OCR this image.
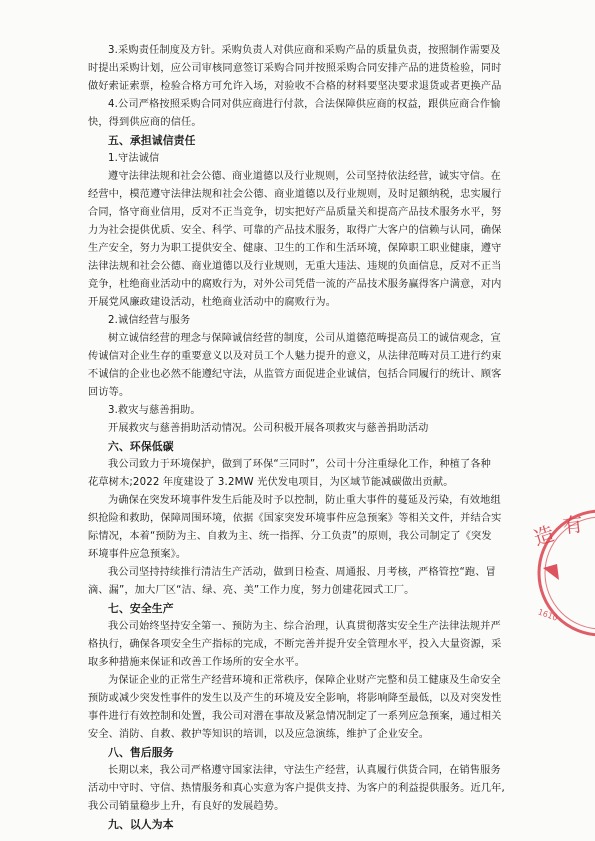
3.采购责任制度及方针。采购负责人对供应商和采购产品的质量负责，按照制作需要及
时提出采购计划，应公司审核同意签订采购合同并按照采购合同安排产品的进货检验，同时
做好索证索票，检验合格方可允许入场，对验收不合格的材料要坚决要求退货或者更换产品
4.公司严格按照采购合同对供应商进行付款，合法保障供应商的权益，跟供应商合作愉
快，得到供应商的信任。
五、承担诚信责任
1.守法诚信
遵守法律法规和社会公德、商业道德以及行业规则，公司坚持依法经营，诚实守信。在
经营中，模范遵守法律法规和社会公德、商业道德以及行业规则，及时足额纳税，忠实履行
合同，恪守商业信用，反对不正当竞争，切实把好产品质量关和提高产品技术服务水平，努
力为社会提供优质、安全、科学、可靠的产品技术服务，取得广大客户的信赖与认同，确保
生产安全，努力为职工提供安全、健康、卫生的工作和生活环境，保障职工职业健康，遵守
法律法规和社会公德、商业道德以及行业规则，无重大违法、违规的负面信息，反对不正当
竞争，杜绝商业活动中的腐败行为，对外公司凭借一流的产品技术服务赢得客户满意，对内
开展党风廉政建设活动，杜绝商业活动中的腐败行为。
2.诚信经营与服务
树立诚信经营的理念与保障诚信经营的制度，公司从道德范畴提高员工的诚信观念，宣
传诚信对企业生存的重要意义以及对员工个人魅力提升的意义，从法律范畴对员工进行约束
不诚信的企业也必然不能遵纪守法，从监管方面促进企业诚信，包括合同履行的统计、顾客
回访等。
3.救灾与慈善捐助。
开展救灾与慈善捐助活动情况。公司积极开展各项救灾与慈善捐助活动
六、环保低碳
我公司致力于环境保护，做到了环保“三同时”，公司十分注重绿化工作，种植了各种
花草树木;2022 年度建设了 3.2MW 光伏发电项目，为区域节能减碳做出贡献。
为确保在突发环境事件发生后能及时予以控制，防止重大事件的蔓延及污染，有效地组
织抢险和救助，保障周围环境，依据《国家突发环境事件应急预案》等相关文件，并结合实
际情况，本着“预防为主、自救为主、统一指挥、分工负责”的原则，我公司制定了《突发
环境事件应急预案》。
我公司坚持持续推行清洁生产活动，做到日检查、周通报、月考核，严格管控“跑、冒
滴、漏”，加大厂区“洁、绿、亮、美”工作力度，努力创建花园式工厂。
七、安全生产
我公司始终坚持安全第一、预防为主、综合治理，认真贯彻落实安全生产法律法规并严
格执行，确保各项安全生产指标的完成，不断完善并提升安全管理水平，投入大量资源，采
取多种措施来保证和改善工作场所的安全水平。
为保证企业的正常生产经营环境和正常秩序，保障企业财产完整和员工健康及生命安全
预防或减少突发性事件的发生以及产生的环境及安全影响，将影响降至最低，以及对突发性
事件进行有效控制和处置，我公司对潜在事故及紧急情况制定了一系列应急预案，通过相关
安全、消防、自救、救护等知识的培训，以及应急演练，维护了企业安全。
八、售后服务
长期以来，我公司严格遵守国家法律，守法生产经营，认真履行供货合同，在销售服务
活动中守时、守信、热情服务和真心实意为客户提供支持、为客户的利益提供服务。近几年,
我公司销量稳步上升，有良好的发展趋势。
九、以人为本
造 有
1610
